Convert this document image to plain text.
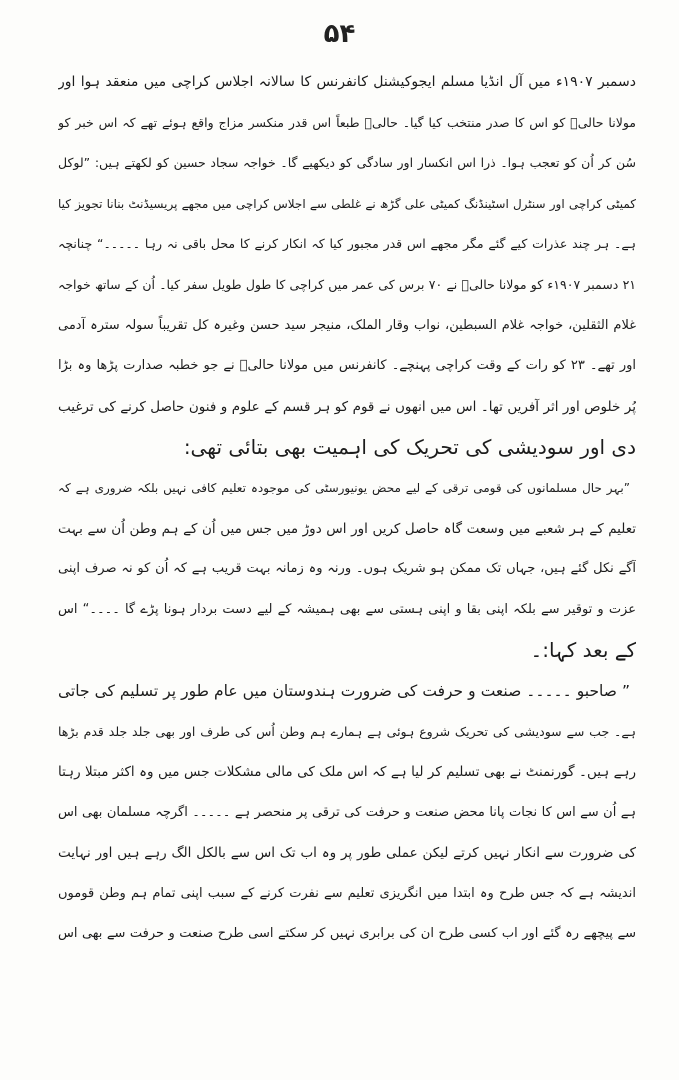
۵۴
دسمبر ۱۹۰۷ء میں آل انڈیا مسلم ایجوکیشنل کانفرنس کا سالانہ اجلاس کراچی میں منعقد ہوا اور
مولانا حالیؔ کو اس کا صدر منتخب کیا گیا۔ حالیؔ طبعاً اس قدر منکسر مزاج واقع ہوئے تھے کہ اس خبر کو
سُن کر اُن کو تعجب ہوا۔ ذرا اس انکسار اور سادگی کو دیکھیے گا۔ خواجہ سجاد حسین کو لکھتے ہیں: ”لوکل
کمیٹی کراچی اور سنٹرل اسٹینڈنگ کمیٹی علی گڑھ نے غلطی سے اجلاس کراچی میں مجھے پریسیڈنٹ بنانا تجویز کیا
ہے۔ ہر چند عذرات کیے گئے مگر مجھے اس قدر مجبور کیا کہ انکار کرنے کا محل باقی نہ رہا ۔۔۔۔۔“ چنانچہ
۲۱ دسمبر ۱۹۰۷ء کو مولانا حالیؔ نے ۷۰ برس کی عمر میں کراچی کا طول طویل سفر کیا۔ اُن کے ساتھ خواجہ
غلام الثقلین، خواجہ غلام السبطین، نواب وقار الملک، منیجر سید حسن وغیرہ کل تقریباً سولہ سترہ آدمی
اور تھے۔ ۲۳ کو رات کے وقت کراچی پہنچے۔ کانفرنس میں مولانا حالیؔ نے جو خطبہ صدارت پڑھا وہ بڑا
پُر خلوص اور اثر آفریں تھا۔ اس میں انھوں نے قوم کو ہر قسم کے علوم و فنون حاصل کرنے کی ترغیب
دی اور سودیشی کی تحریک کی اہمیت بھی بتائی تھی:
”بہر حال مسلمانوں کی قومی ترقی کے لیے محض یونیورسٹی کی موجودہ تعلیم کافی نہیں بلکہ ضروری ہے کہ
تعلیم کے ہر شعبے میں وسعت گاہ حاصل کریں اور اس دوڑ میں جس میں اُن کے ہم وطن اُن سے بہت
آگے نکل گئے ہیں، جہاں تک ممکن ہو شریک ہوں۔ ورنہ وہ زمانہ بہت قریب ہے کہ اُن کو نہ صرف اپنی
عزت و توقیر سے بلکہ اپنی بقا و اپنی ہستی سے بھی ہمیشہ کے لیے دست بردار ہونا پڑے گا ۔۔۔۔“ اس
کے بعد کہا:۔
” صاحبو ۔۔۔۔۔ صنعت و حرفت کی ضرورت ہندوستان میں عام طور پر تسلیم کی جاتی
ہے۔ جب سے سودیشی کی تحریک شروع ہوئی ہے ہمارے ہم وطن اُس کی طرف اور بھی جلد جلد قدم بڑھا
رہے ہیں۔ گورنمنٹ نے بھی تسلیم کر لیا ہے کہ اس ملک کی مالی مشکلات جس میں وہ اکثر مبتلا رہتا
ہے اُن سے اس کا نجات پانا محض صنعت و حرفت کی ترقی پر منحصر ہے ۔۔۔۔۔ اگرچہ مسلمان بھی اس
کی ضرورت سے انکار نہیں کرتے لیکن عملی طور پر وہ اب تک اس سے بالکل الگ رہے ہیں اور نہایت
اندیشہ ہے کہ جس طرح وہ ابتدا میں انگریزی تعلیم سے نفرت کرنے کے سبب اپنی تمام ہم وطن قوموں
سے پیچھے رہ گئے اور اب کسی طرح ان کی برابری نہیں کر سکتے اسی طرح صنعت و حرفت سے بھی اس
